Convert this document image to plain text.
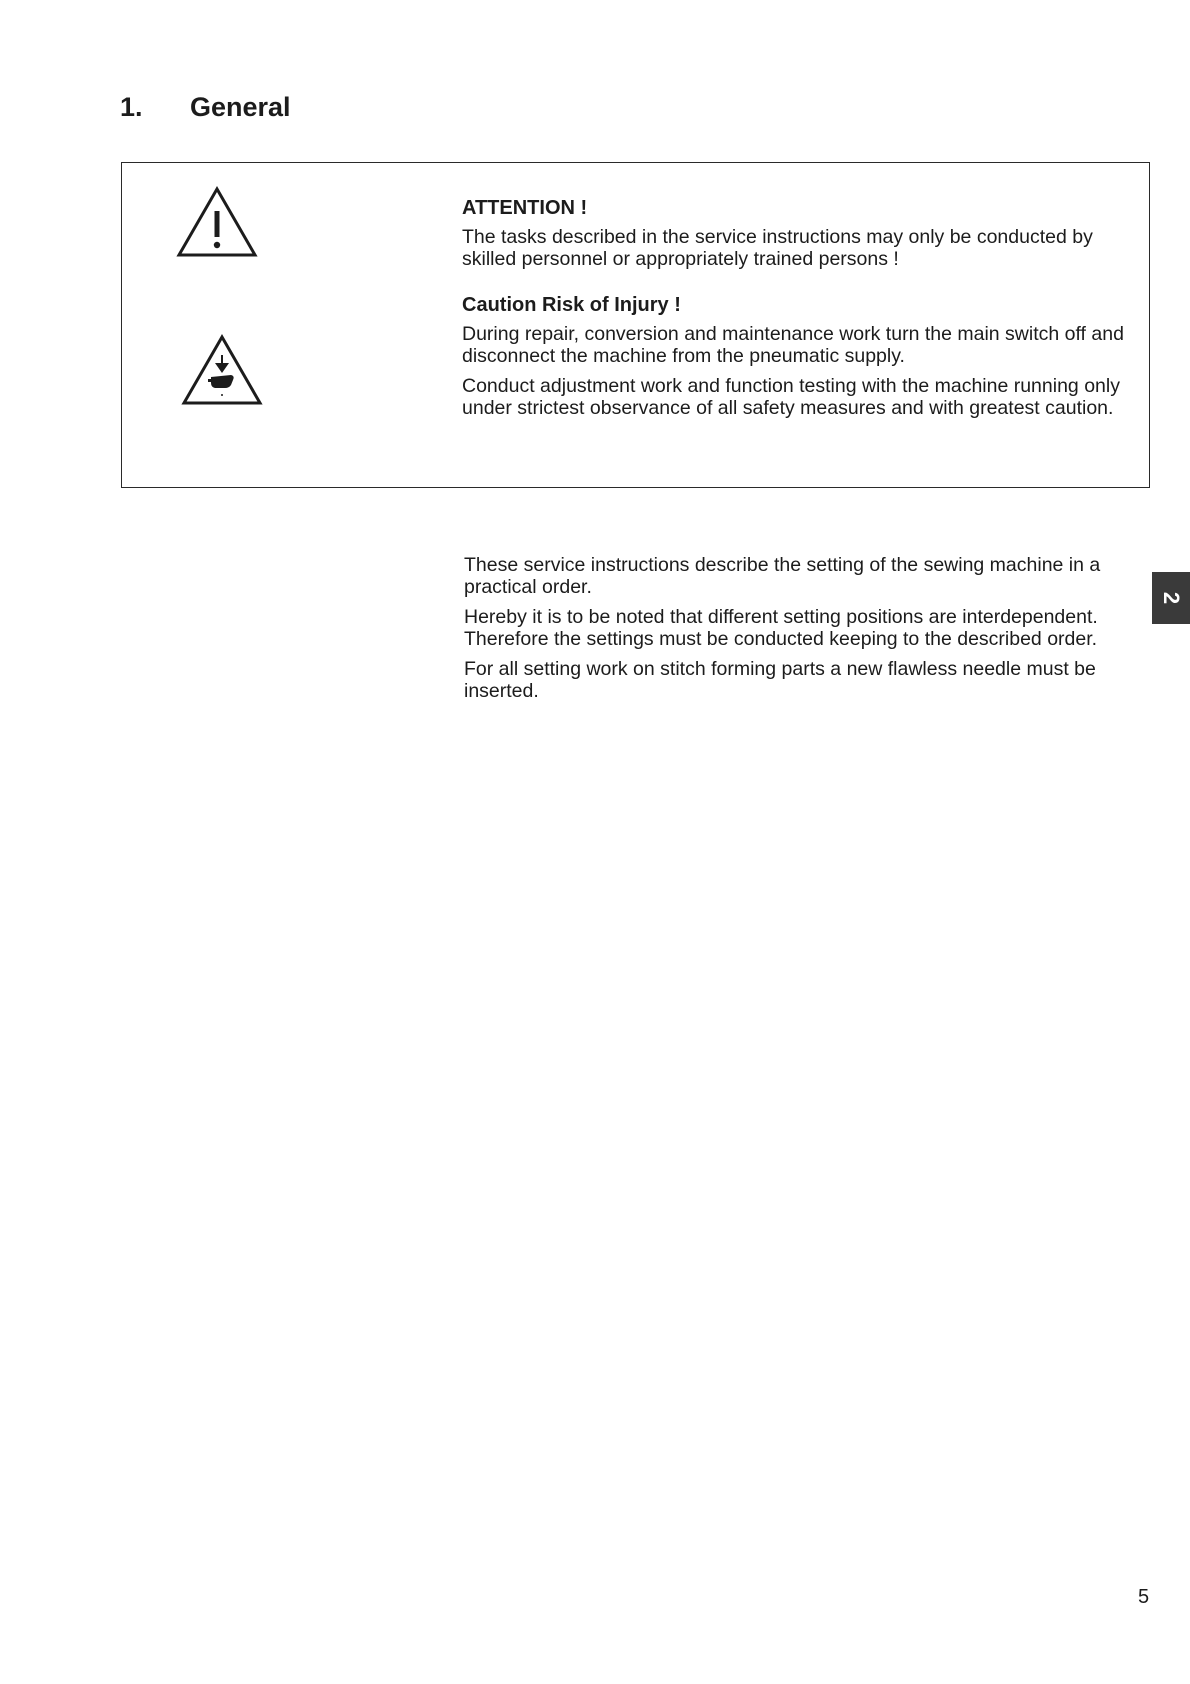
1.	General
ATTENTION !

The tasks described in the service instructions may only be conducted by skilled personnel or appropriately trained persons !

Caution Risk of Injury !

During repair, conversion and maintenance work turn the main switch off and disconnect the machine from the pneumatic supply.

Conduct adjustment work and function testing with the machine running only under strictest observance of all safety measures and with greatest caution.

These service instructions describe the setting of the sewing machine in a practical order.

Hereby it is to be noted that different setting positions are interdependent. Therefore the settings must be conducted keeping to the described order.

For all setting work on stitch forming parts a new flawless needle must be inserted.

2
5
